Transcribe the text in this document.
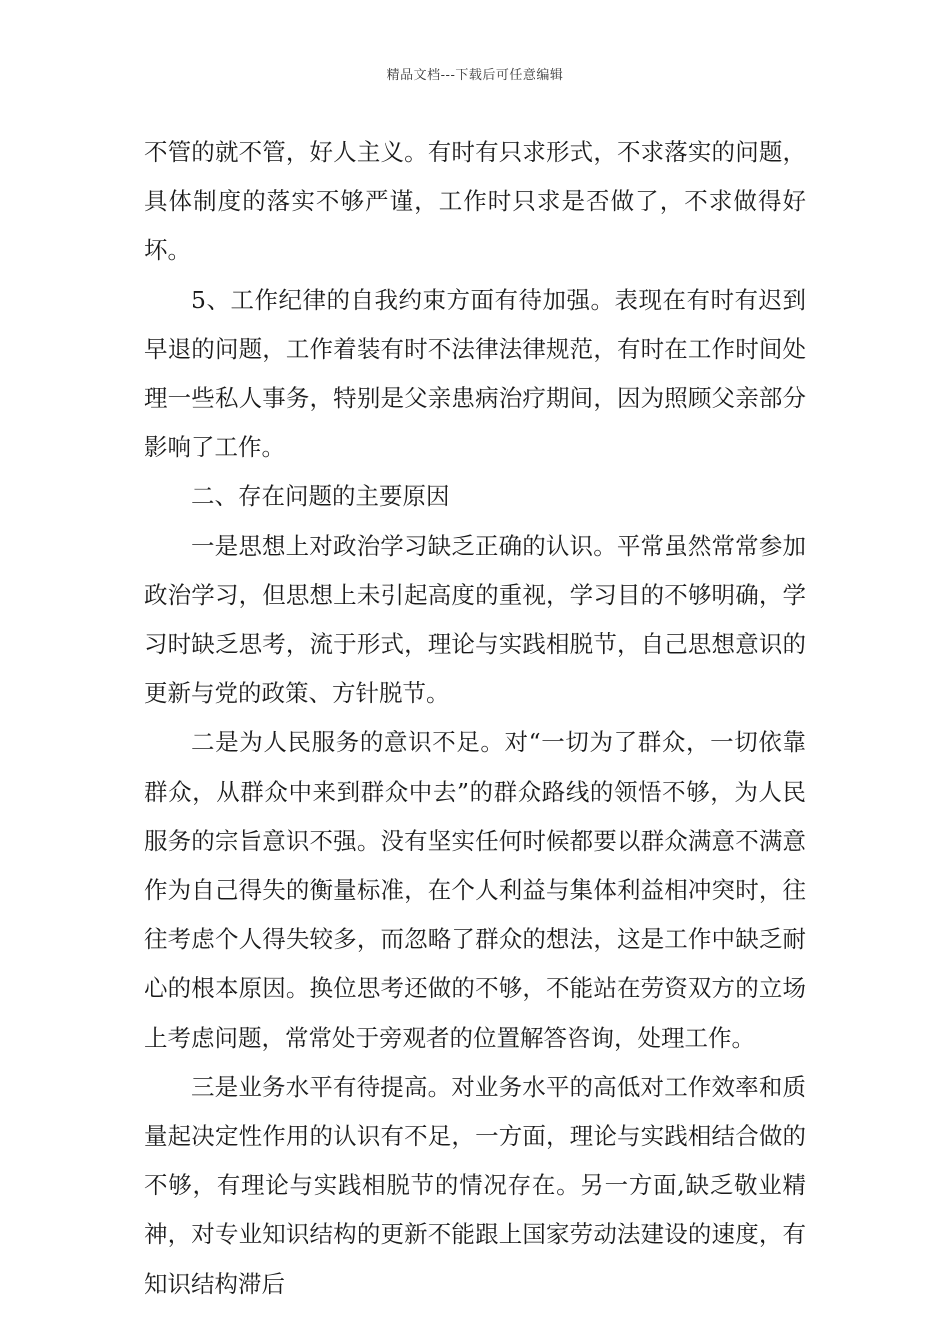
精品文档---下载后可任意编辑

不管的就不管，好人主义。有时有只求形式，不求落实的问题，具体制度的落实不够严谨，工作时只求是否做了，不求做得好坏。

5、工作纪律的自我约束方面有待加强。表现在有时有迟到早退的问题，工作着装有时不法律法律规范，有时在工作时间处理一些私人事务，特别是父亲患病治疗期间，因为照顾父亲部分影响了工作。

二、存在问题的主要原因

一是思想上对政治学习缺乏正确的认识。平常虽然常常参加政治学习，但思想上未引起高度的重视，学习目的不够明确，学习时缺乏思考，流于形式，理论与实践相脱节，自己思想意识的更新与党的政策、方针脱节。

二是为人民服务的意识不足。对“一切为了群众，一切依靠群众，从群众中来到群众中去”的群众路线的领悟不够，为人民服务的宗旨意识不强。没有坚实任何时候都要以群众满意不满意作为自己得失的衡量标准，在个人利益与集体利益相冲突时，往往考虑个人得失较多，而忽略了群众的想法，这是工作中缺乏耐心的根本原因。换位思考还做的不够，不能站在劳资双方的立场上考虑问题，常常处于旁观者的位置解答咨询，处理工作。

三是业务水平有待提高。对业务水平的高低对工作效率和质量起决定性作用的认识有不足，一方面，理论与实践相结合做的不够，有理论与实践相脱节的情况存在。另一方面,缺乏敬业精神，对专业知识结构的更新不能跟上国家劳动法建设的速度，有知识结构滞后
